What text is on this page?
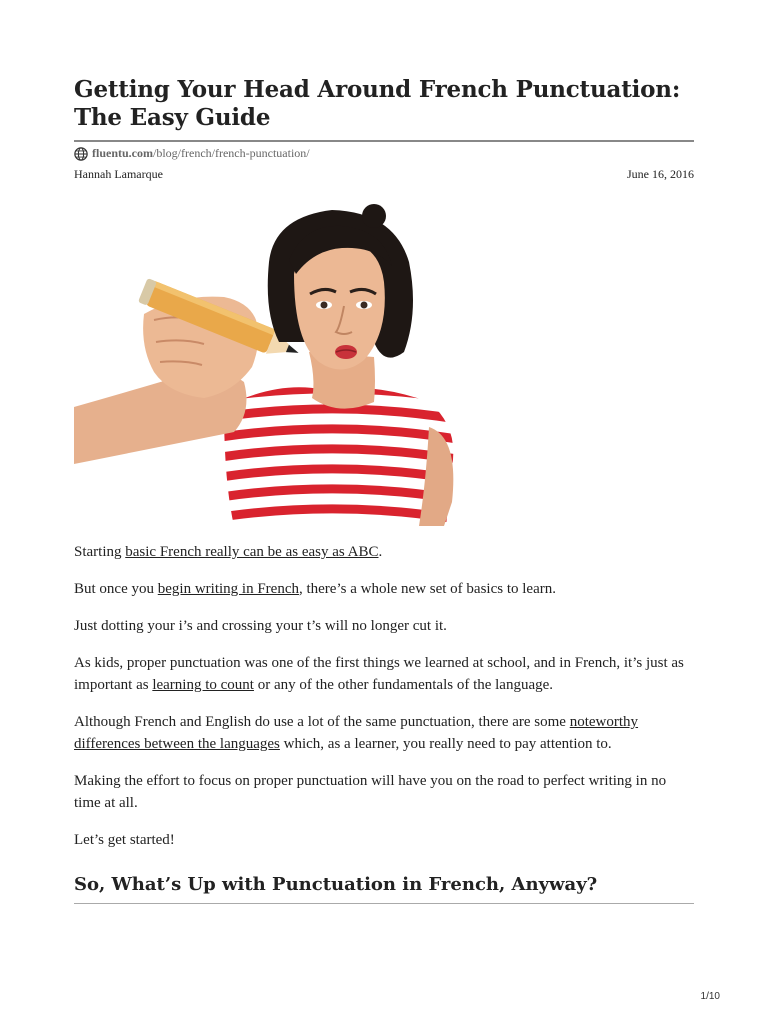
Getting Your Head Around French Punctuation: The Easy Guide
fluentu.com /blog/french/french-punctuation/
Hannah Lamarque	June 16, 2016

Starting basic French really can be as easy as ABC.

But once you begin writing in French, there’s a whole new set of basics to learn.

Just dotting your i’s and crossing your t’s will no longer cut it.

As kids, proper punctuation was one of the first things we learned at school, and in French, it’s just as important as learning to count or any of the other fundamentals of the language.

Although French and English do use a lot of the same punctuation, there are some noteworthy differences between the languages which, as a learner, you really need to pay attention to.

Making the effort to focus on proper punctuation will have you on the road to perfect writing in no time at all.

Let’s get started!

So, What’s Up with Punctuation in French, Anyway?
1/10
